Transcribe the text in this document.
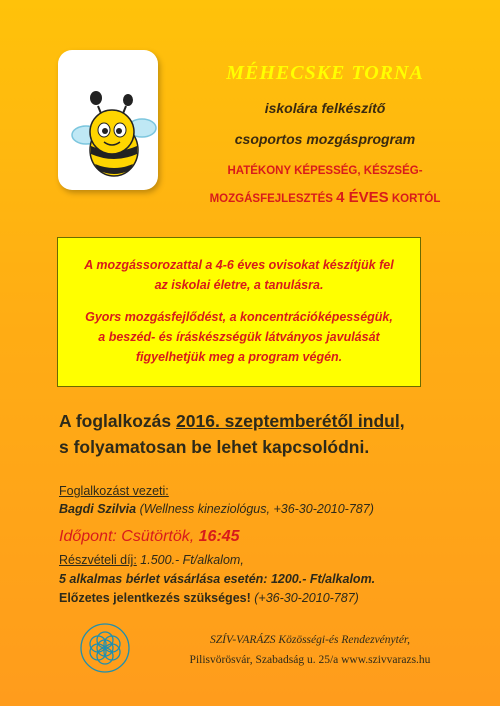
MÉHECSKE TORNA
iskolára felkészítő
csoportos mozgásprogram
HATÉKONY KÉPESSÉG, KÉSZSÉG-
MOZGÁSFEJLESZTÉS 4 ÉVES KORTÓL

A mozgássorozattal a 4-6 éves ovisokat készítjük fel

az iskolai életre, a tanulásra.

Gyors mozgásfejlődést, a koncentrációképességük,

a beszéd- és íráskészségük látványos javulását

figyelhetjük meg a program végén.

A foglalkozás 2016. szeptemberétől indul,
s folyamatosan be lehet kapcsolódni.
Foglalkozást vezeti:
Bagdi Szilvia (Wellness kineziológus, +36-30-2010-787)
Időpont: Csütörtök, 16:45
Részvételi díj: 1.500.- Ft/alkalom,
5 alkalmas bérlet vásárlása esetén: 1200.- Ft/alkalom.
Előzetes jelentkezés szükséges! (+36-30-2010-787)
SZÍV-VARÁZS Közösségi-és Rendezvénytér,
Pilisvörösvár, Szabadság u. 25/a www.szivvarazs.hu
